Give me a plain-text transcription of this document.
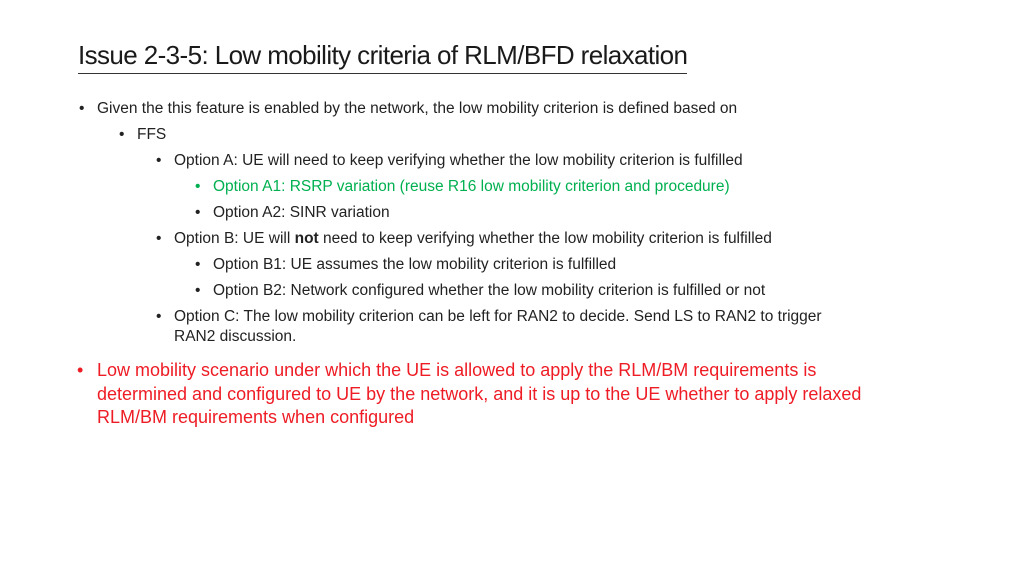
Issue 2-3-5: Low mobility criteria of RLM/BFD relaxation
• Given the this feature is enabled by the network, the low mobility criterion is defined based on
• FFS
• Option A: UE will need to keep verifying whether the low mobility criterion is fulfilled
• Option A1: RSRP variation (reuse R16 low mobility criterion and procedure)
• Option A2: SINR variation
• Option B: UE will not need to keep verifying whether the low mobility criterion is fulfilled
• Option B1: UE assumes the low mobility criterion is fulfilled
• Option B2: Network configured whether the low mobility criterion is fulfilled or not
• Option C: The low mobility criterion can be left for RAN2 to decide. Send LS to RAN2 to trigger
RAN2 discussion.
• Low mobility scenario under which the UE is allowed to apply the RLM/BM requirements is
determined and configured to UE by the network, and it is up to the UE whether to apply relaxed
RLM/BM requirements when configured
